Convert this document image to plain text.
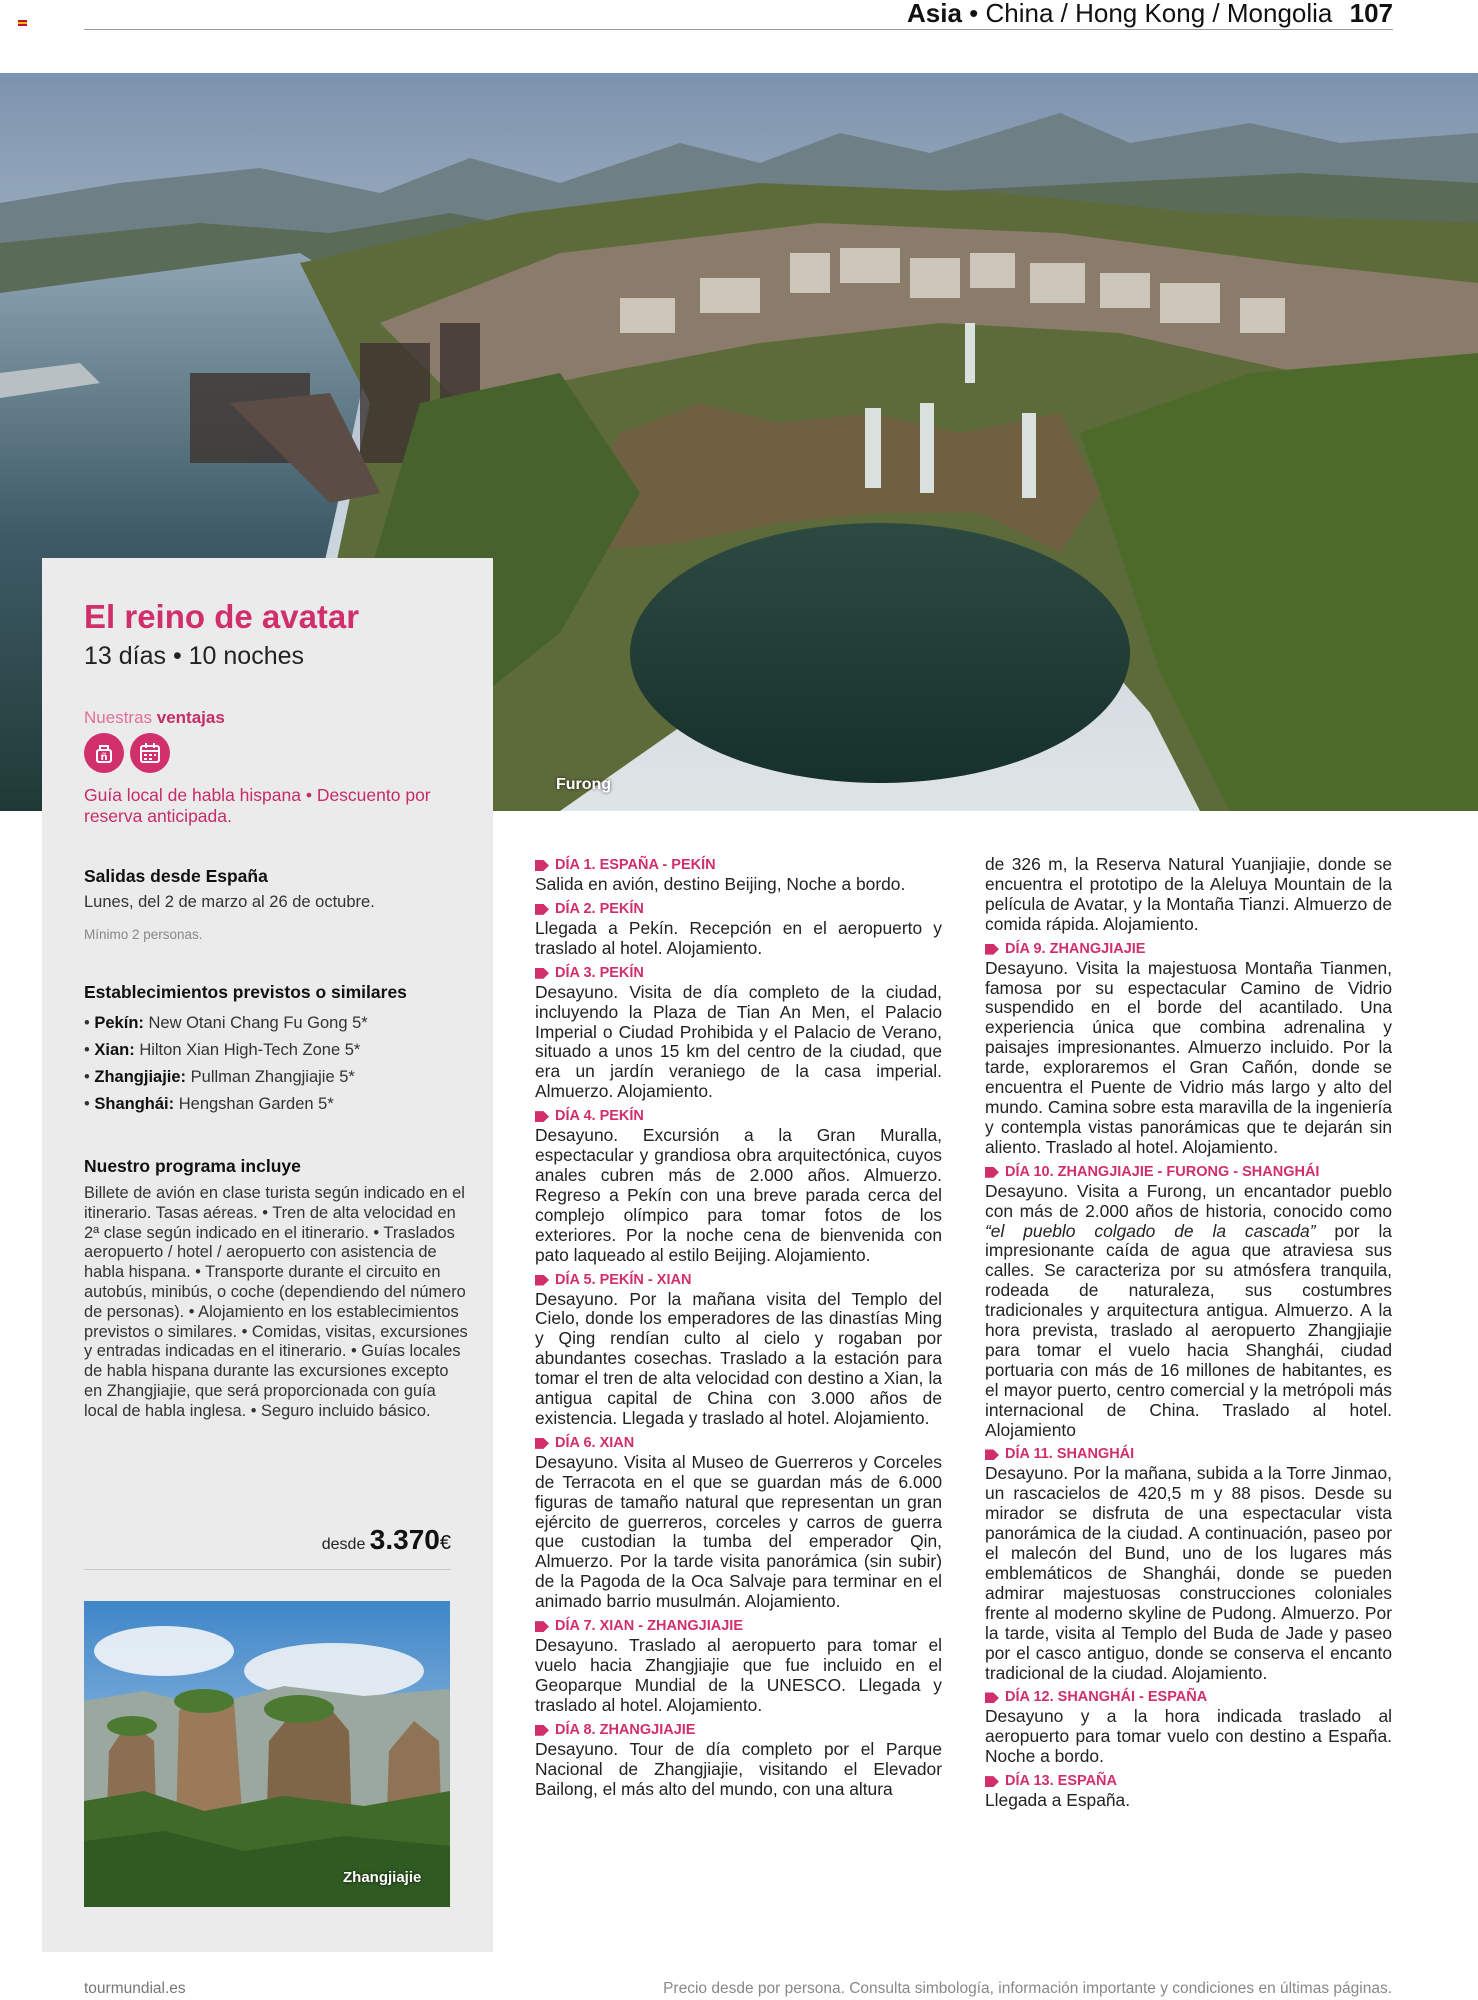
Asia • China / Hong Kong / Mongolia 107
Furong
El reino de avatar
13 días • 10 noches
Nuestras ventajas
ñ
Guía local de habla hispana • Descuento por reserva anticipada.
Salidas desde España
Lunes, del 2 de marzo al 26 de octubre.
Mínimo 2 personas.
Establecimientos previstos o similares
• Pekín: New Otani Chang Fu Gong 5*
• Xian: Hilton Xian High-Tech Zone 5*
• Zhangjiajie: Pullman Zhangjiajie 5*
• Shanghái: Hengshan Garden 5*
Nuestro programa incluye
Billete de avión en clase turista según indicado en el itinerario. Tasas aéreas. • Tren de alta velocidad en 2ª clase según indicado en el itinerario. • Traslados aeropuerto / hotel / aeropuerto con asistencia de habla hispana. • Transporte durante el circuito en autobús, minibús, o coche (dependiendo del número de personas). • Alojamiento en los establecimientos previstos o similares. • Comidas, visitas, excursiones y entradas indicadas en el itinerario. • Guías locales de habla hispana durante las excursiones excepto en Zhangjiajie, que será proporcionada con guía local de habla inglesa. • Seguro incluido básico.
desde 3.370€
Zhangjiajie
DÍA 1. ESPAÑA - PEKÍN
Salida en avión, destino Beijing, Noche a bordo.
DÍA 2. PEKÍN
Llegada a Pekín. Recepción en el aeropuerto y traslado al hotel. Alojamiento.
DÍA 3. PEKÍN
Desayuno. Visita de día completo de la ciudad, incluyendo la Plaza de Tian An Men, el Palacio Imperial o Ciudad Prohibida y el Palacio de Verano, situado a unos 15 km del centro de la ciudad, que era un jardín veraniego de la casa imperial. Almuerzo. Alojamiento.
DÍA 4. PEKÍN
Desayuno. Excursión a la Gran Muralla, espectacular y grandiosa obra arquitectónica, cuyos anales cubren más de 2.000 años. Almuerzo. Regreso a Pekín con una breve parada cerca del complejo olímpico para tomar fotos de los exteriores. Por la noche cena de bienvenida con pato laqueado al estilo Beijing. Alojamiento.
DÍA 5. PEKÍN - XIAN
Desayuno. Por la mañana visita del Templo del Cielo, donde los emperadores de las dinastías Ming y Qing rendían culto al cielo y rogaban por abundantes cosechas. Traslado a la estación para tomar el tren de alta velocidad con destino a Xian, la antigua capital de China con 3.000 años de existencia. Llegada y traslado al hotel. Alojamiento.
DÍA 6. XIAN
Desayuno. Visita al Museo de Guerreros y Corceles de Terracota en el que se guardan más de 6.000 figuras de tamaño natural que representan un gran ejército de guerreros, corceles y carros de guerra que custodian la tumba del emperador Qin, Almuerzo. Por la tarde visita panorámica (sin subir) de la Pagoda de la Oca Salvaje para terminar en el animado barrio musulmán. Alojamiento.
DÍA 7. XIAN - ZHANGJIAJIE
Desayuno. Traslado al aeropuerto para tomar el vuelo hacia Zhangjiajie que fue incluido en el Geoparque Mundial de la UNESCO. Llegada y traslado al hotel. Alojamiento.
DÍA 8. ZHANGJIAJIE
Desayuno. Tour de día completo por el Parque Nacional de Zhangjiajie, visitando el Elevador Bailong, el más alto del mundo, con una altura
de 326 m, la Reserva Natural Yuanjiajie, donde se encuentra el prototipo de la Aleluya Mountain de la película de Avatar, y la Montaña Tianzi. Almuerzo de comida rápida. Alojamiento.
DÍA 9. ZHANGJIAJIE
Desayuno. Visita la majestuosa Montaña Tianmen, famosa por su espectacular Camino de Vidrio suspendido en el borde del acantilado. Una experiencia única que combina adrenalina y paisajes impresionantes. Almuerzo incluido. Por la tarde, exploraremos el Gran Cañón, donde se encuentra el Puente de Vidrio más largo y alto del mundo. Camina sobre esta maravilla de la ingeniería y contempla vistas panorámicas que te dejarán sin aliento. Traslado al hotel. Alojamiento.
DÍA 10. ZHANGJIAJIE - FURONG - SHANGHÁI
Desayuno. Visita a Furong, un encantador pueblo con más de 2.000 años de historia, conocido como “el pueblo colgado de la cascada” por la impresionante caída de agua que atraviesa sus calles. Se caracteriza por su atmósfera tranquila, rodeada de naturaleza, sus costumbres tradicionales y arquitectura antigua. Almuerzo. A la hora prevista, traslado al aeropuerto Zhangjiajie para tomar el vuelo hacia Shanghái, ciudad portuaria con más de 16 millones de habitantes, es el mayor puerto, centro comercial y la metrópoli más internacional de China. Traslado al hotel. Alojamiento
DÍA 11. SHANGHÁI
Desayuno. Por la mañana, subida a la Torre Jinmao, un rascacielos de 420,5 m y 88 pisos. Desde su mirador se disfruta de una espectacular vista panorámica de la ciudad. A continuación, paseo por el malecón del Bund, uno de los lugares más emblemáticos de Shanghái, donde se pueden admirar majestuosas construcciones coloniales frente al moderno skyline de Pudong. Almuerzo. Por la tarde, visita al Templo del Buda de Jade y paseo por el casco antiguo, donde se conserva el encanto tradicional de la ciudad. Alojamiento.
DÍA 12. SHANGHÁI - ESPAÑA
Desayuno y a la hora indicada traslado al aeropuerto para tomar vuelo con destino a España. Noche a bordo.
DÍA 13. ESPAÑA
Llegada a España.
tourmundial.es	Precio desde por persona. Consulta simbología, información importante y condiciones en últimas páginas.
